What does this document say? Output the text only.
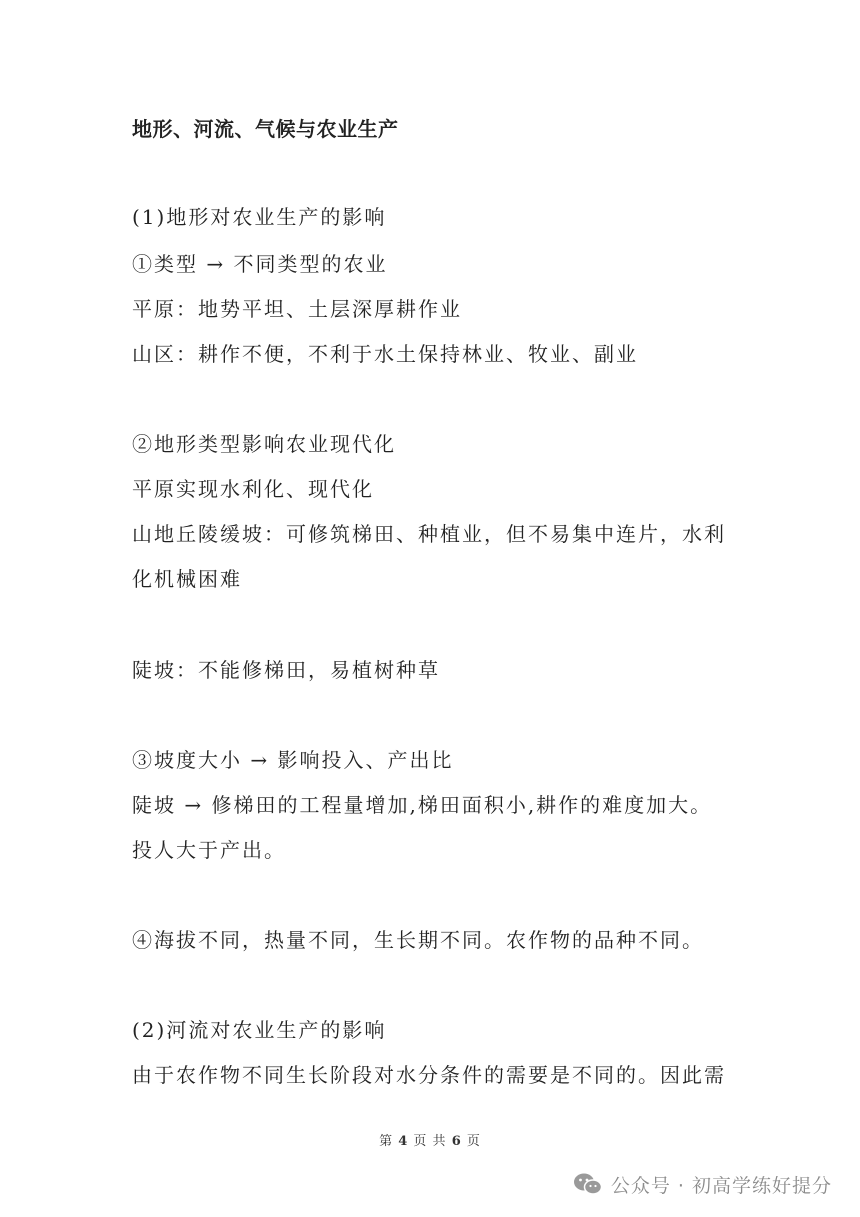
地形、河流、气候与农业生产
(1)地形对农业生产的影响
①类型 → 不同类型的农业
平原：地势平坦、土层深厚耕作业
山区：耕作不便，不利于水土保持林业、牧业、副业
②地形类型影响农业现代化
平原实现水利化、现代化
山地丘陵缓坡：可修筑梯田、种植业，但不易集中连片，水利
化机械困难
陡坡：不能修梯田，易植树种草
③坡度大小 → 影响投入、产出比
陡坡 → 修梯田的工程量增加,梯田面积小,耕作的难度加大。
投人大于产出。
④海拔不同，热量不同，生长期不同。农作物的品种不同。
(2)河流对农业生产的影响
由于农作物不同生长阶段对水分条件的需要是不同的。因此需
第 4 页 共 6 页
公众号 · 初高学练好提分
